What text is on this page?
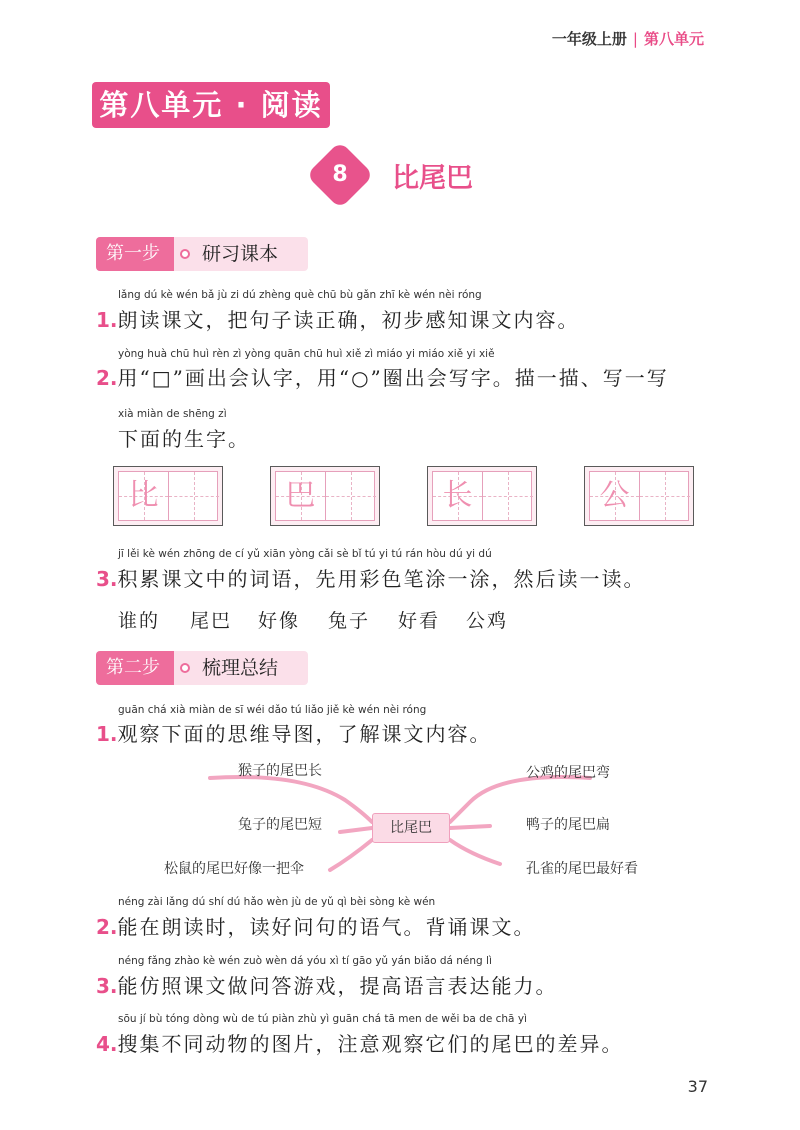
一年级上册 | 第八单元
第八单元 · 阅读
8	比尾巴
第一步	研习课本
lǎng dú kè wén bǎ jù zi dú zhèng què chū bù gǎn zhī kè wén nèi róng
1.朗读课文，把句子读正确，初步感知课文内容。
yòng huà chū huì rèn zì yòng quān chū huì xiě zì miáo yi miáo xiě yi xiě
2.用“□”画出会认字，用“○”圈出会写字。描一描、写一写
xià miàn de shēng zì
下面的生字。
比	巴	长	公
jī lěi kè wén zhōng de cí yǔ xiān yòng cǎi sè bǐ tú yi tú rán hòu dú yi dú
3.积累课文中的词语，先用彩色笔涂一涂，然后读一读。
谁的 尾巴 好像 兔子 好看 公鸡
第二步	梳理总结
guān chá xià miàn de sī wéi dǎo tú liǎo jiě kè wén nèi róng
1.观察下面的思维导图，了解课文内容。
比尾巴
猴子的尾巴长
兔子的尾巴短
松鼠的尾巴好像一把伞
公鸡的尾巴弯
鸭子的尾巴扁
孔雀的尾巴最好看
néng zài lǎng dú shí dú hǎo wèn jù de yǔ qì bèi sòng kè wén
2.能在朗读时，读好问句的语气。背诵课文。
néng fǎng zhào kè wén zuò wèn dá yóu xì tí gāo yǔ yán biǎo dá néng lì
3.能仿照课文做问答游戏，提高语言表达能力。
sōu jí bù tóng dòng wù de tú piàn zhù yì guān chá tā men de wěi ba de chā yì
4.搜集不同动物的图片，注意观察它们的尾巴的差异。
37
